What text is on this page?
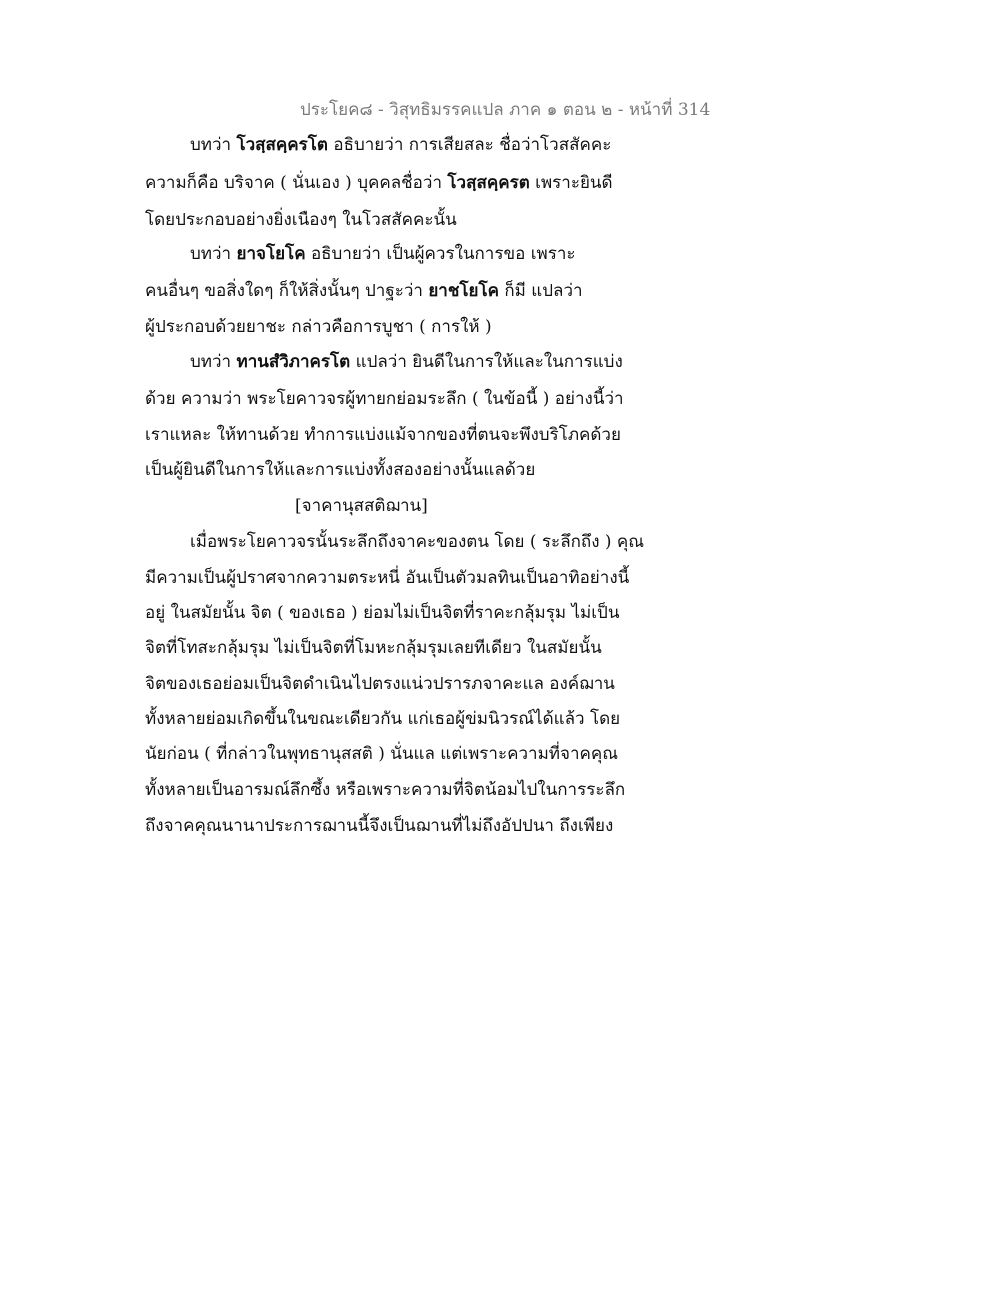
ประโยค๘ - วิสุทธิมรรคแปล ภาค ๑ ตอน ๒ - หน้าที่ 314
บทว่า โวสฺสคฺครโต อธิบายว่า การเสียสละ ชื่อว่าโวสสัคคะ
ความก็คือ บริจาค ( นั่นเอง ) บุคคลชื่อว่า โวสฺสคฺครต เพราะยินดี
โดยประกอบอย่างยิ่งเนืองๆ ในโวสสัคคะนั้น
บทว่า ยาจโยโค อธิบายว่า เป็นผู้ควรในการขอ เพราะ
คนอื่นๆ ขอสิ่งใดๆ ก็ให้สิ่งนั้นๆ ปาฐะว่า ยาชโยโค ก็มี แปลว่า
ผู้ประกอบด้วยยาชะ กล่าวคือการบูชา ( การให้ )
บทว่า ทานสํวิภาครโต แปลว่า ยินดีในการให้และในการแบ่ง
ด้วย ความว่า พระโยคาวจรผู้ทายกย่อมระลึก ( ในข้อนี้ ) อย่างนี้ว่า
เราแหละ ให้ทานด้วย ทำการแบ่งแม้จากของที่ตนจะพึงบริโภคด้วย
เป็นผู้ยินดีในการให้และการแบ่งทั้งสองอย่างนั้นแลด้วย
[จาคานุสสติฌาน]
เมื่อพระโยคาวจรนั้นระลึกถึงจาคะของตน โดย ( ระลึกถึง ) คุณ
มีความเป็นผู้ปราศจากความตระหนี่ อันเป็นตัวมลทินเป็นอาทิอย่างนี้
อยู่ ในสมัยนั้น จิต ( ของเธอ ) ย่อมไม่เป็นจิตที่ราคะกลุ้มรุม ไม่เป็น
จิตที่โทสะกลุ้มรุม ไม่เป็นจิตที่โมหะกลุ้มรุมเลยทีเดียว ในสมัยนั้น
จิตของเธอย่อมเป็นจิตดำเนินไปตรงแน่วปรารภจาคะแล องค์ฌาน
ทั้งหลายย่อมเกิดขึ้นในขณะเดียวกัน แก่เธอผู้ข่มนิวรณ์ได้แล้ว โดย
นัยก่อน ( ที่กล่าวในพุทธานุสสติ ) นั่นแล แต่เพราะความที่จาคคุณ
ทั้งหลายเป็นอารมณ์ลึกซึ้ง หรือเพราะความที่จิตน้อมไปในการระลึก
ถึงจาคคุณนานาประการฌานนี้จึงเป็นฌานที่ไม่ถึงอัปปนา ถึงเพียง
